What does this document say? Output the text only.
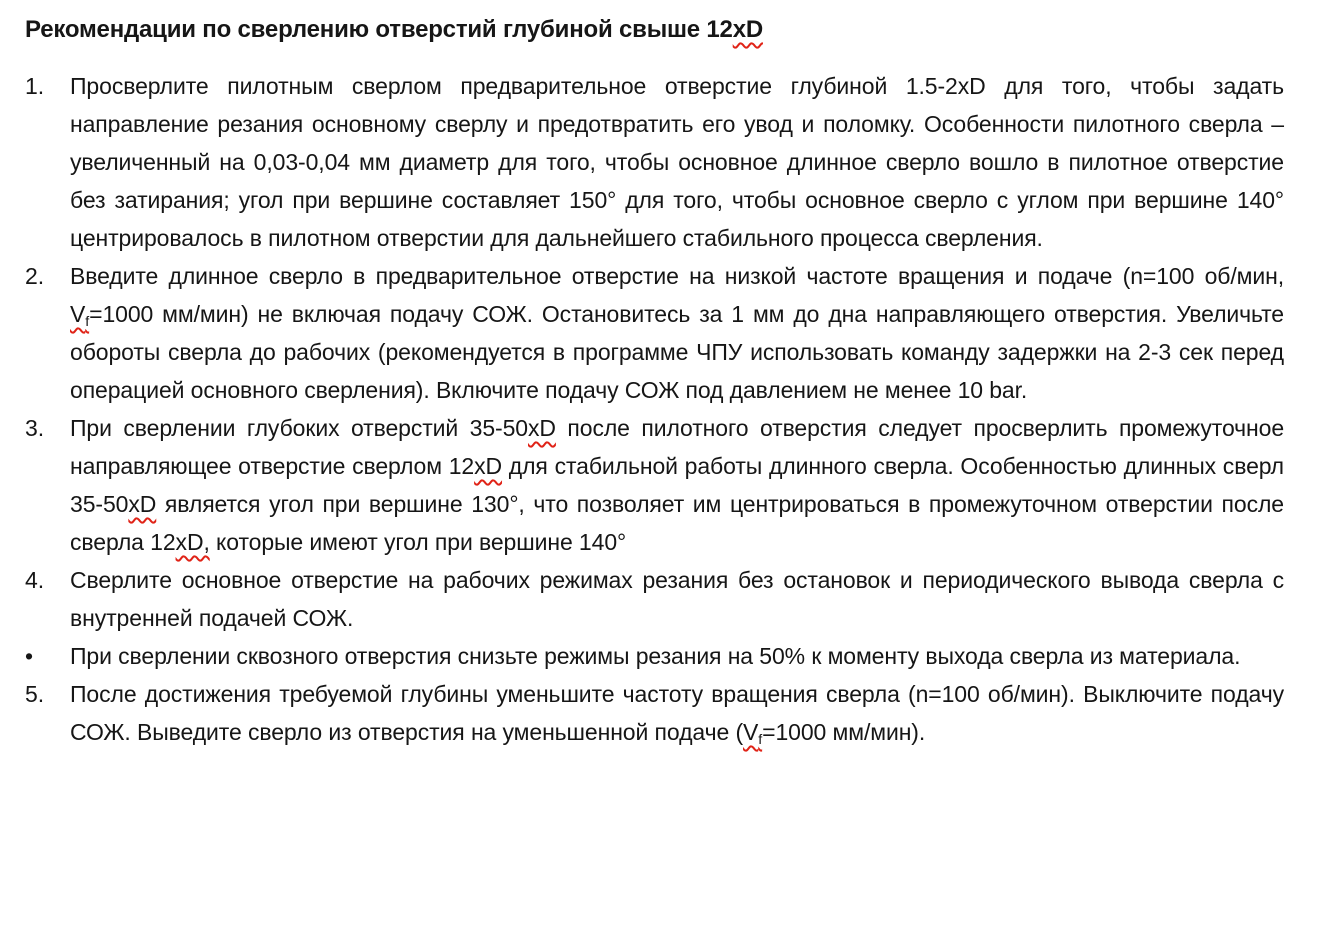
Рекомендации по сверлению отверстий глубиной свыше 12xD
1.	Просверлите пилотным сверлом предварительное отверстие глубиной 1.5-2xD для того, чтобы задать направление резания основному сверлу и предотвратить его увод и поломку. Особенности пилотного сверла – увеличенный на 0,03-0,04 мм диаметр для того, чтобы основное длинное сверло вошло в пилотное отверстие без затирания; угол при вершине составляет 150° для того, чтобы основное сверло с углом при вершине 140° центрировалось в пилотном отверстии для дальнейшего стабильного процесса сверления.

2.	Введите длинное сверло в предварительное отверстие на низкой частоте вращения и подаче (n=100 об/мин, $V_f=1000$ мм/мин) не включая подачу СОЖ. Остановитесь за 1 мм до дна направляющего отверстия. Увеличьте обороты сверла до рабочих (рекомендуется в программе ЧПУ использовать команду задержки на 2-3 сек перед операцией основного сверления). Включите подачу СОЖ под давлением не менее 10 bar.

3.	При сверлении глубоких отверстий 35-50xD после пилотного отверстия следует просверлить промежуточное направляющее отверстие сверлом 12xD для стабильной работы длинного сверла. Особенностью длинных сверл 35-50xD является угол при вершине 130°, что позволяет им центрироваться в промежуточном отверстии после сверла 12xD, которые имеют угол при вершине 140°

4.	Сверлите основное отверстие на рабочих режимах резания без остановок и периодического вывода сверла с внутренней подачей СОЖ.

•	При сверлении сквозного отверстия снизьте режимы резания на 50% к моменту выхода сверла из материала.

5.	После достижения требуемой глубины уменьшите частоту вращения сверла (n=100 об/мин). Выключите подачу СОЖ. Выведите сверло из отверстия на уменьшенной подаче ($V_f=1000$ мм/мин).
